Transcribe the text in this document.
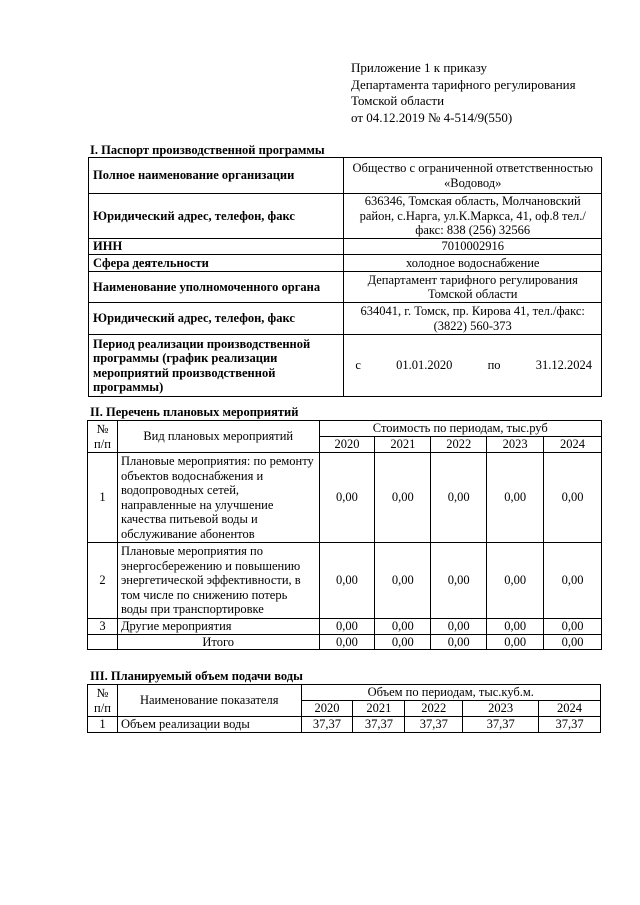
Приложение 1 к приказу
Департамента тарифного регулирования
Томской области
от 04.12.2019 № 4-514/9(550)
I. Паспорт производственной программы
Полное наименование организации	Общество с ограниченной ответственностью «Водовод»
Юридический адрес, телефон, факс	636346, Томская область, Молчановский район, с.Нарга, ул.К.Маркса, 41, оф.8 тел./факс: 838 (256) 32566
ИНН	7010002916
Сфера деятельности	холодное водоснабжение
Наименование уполномоченного органа	Департамент тарифного регулирования Томской области
Юридический адрес, телефон, факс	634041, г. Томск, пр. Кирова 41, тел./факс: (3822) 560-373
Период реализации производственной программы (график реализации мероприятий производственной программы)	с 01.01.2020 по 31.12.2024
II. Перечень плановых мероприятий
№ п/п	Вид плановых мероприятий	Стоимость по периодам, тыс.руб				
		2020	2021	2022	2023	2024
1	Плановые мероприятия: по ремонту объектов водоснабжения и водопроводных сетей, направленные на улучшение качества питьевой воды и обслуживание абонентов	0,00	0,00	0,00	0,00	0,00
2	Плановые мероприятия по энергосбережению и повышению энергетической эффективности, в том числе по снижению потерь воды при транспортировке	0,00	0,00	0,00	0,00	0,00
3	Другие мероприятия	0,00	0,00	0,00	0,00	0,00
	Итого	0,00	0,00	0,00	0,00	0,00
III. Планируемый объем подачи воды
№ п/п	Наименование показателя	Объем по периодам, тыс.куб.м.				
		2020	2021	2022	2023	2024
1	Объем реализации воды	37,37	37,37	37,37	37,37	37,37
